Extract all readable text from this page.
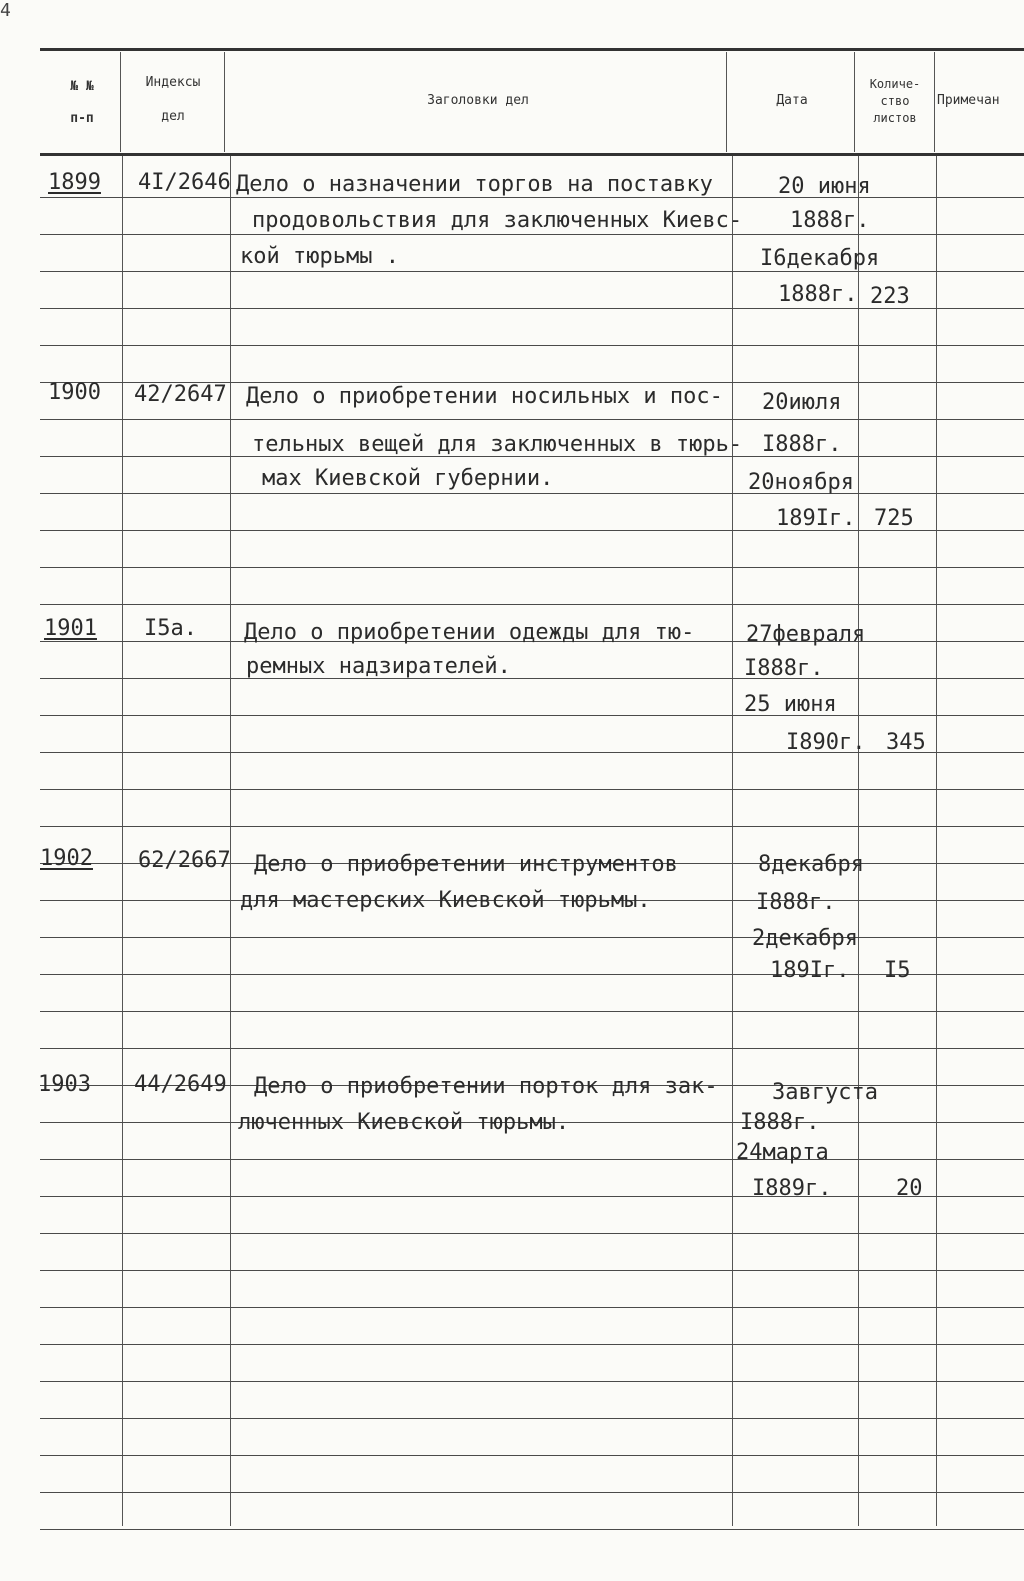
4
№ №
п-п
Индексы
дел
Заголовки дел	Дата
Количе-
ство
листов
Примечан
1899 4I/2646 Дело о назначении торгов на поставку
продовольствия для заключенных Киевс-
кой тюрьмы .
20 июня
1888г.
I6декабря
1888г. 223
1900 42/2647 Дело о приобретении носильных и пос-
тельных вещей для заключенных в тюрь-
мах Киевской губернии.
20июля
I888г.
20ноября
189Iг. 725
1901 I5а. Дело о приобретении одежды для тю-
ремных надзирателей.
27февраля
I888г.
25 июня
I890г. 345
1902 62/2667 Дело о приобретении инструментов
для мастерских Киевской тюрьмы.
8декабря
I888г.
2декабря
189Iг. I5
1903 44/2649 Дело о приобретении порток для зак-
люченных Киевской тюрьмы.
3августа
I888г.
24марта
I889г.	20
